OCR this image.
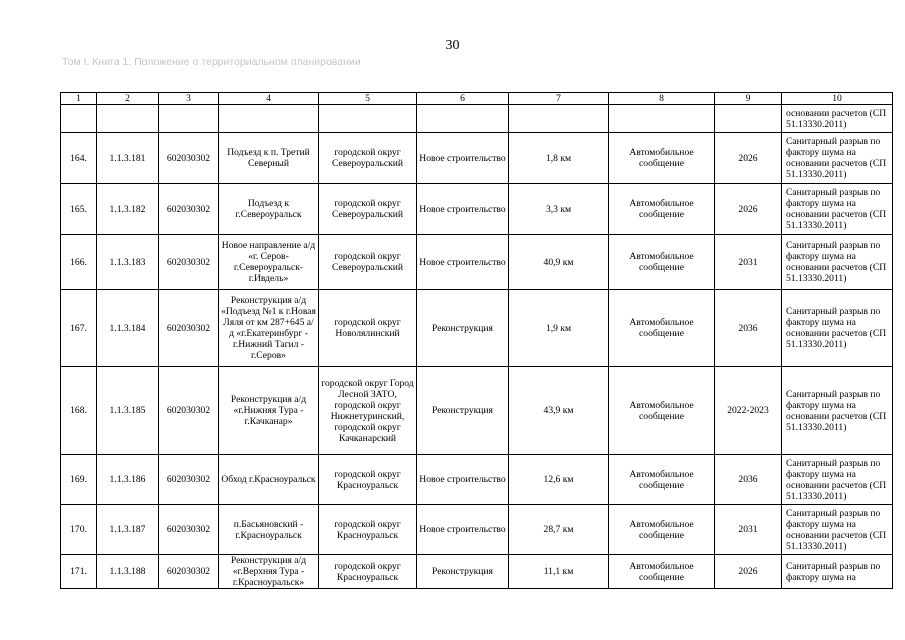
30
Том I. Книга 1. Положение о территориальном планировании
1	2	3	4	5	6	7	8	9	10
									основании расчетов (СП 51.13330.2011)
164.	1.1.3.181	602030302	Подъезд к п. Третий Северный	городской округ Североуральский	Новое строительство	1,8 км	Автомобильное сообщение	2026	Санитарный разрыв по фактору шума на основании расчетов (СП 51.13330.2011)
165.	1.1.3.182	602030302	Подъезд к г.Североуральск	городской округ Североуральский	Новое строительство	3,3 км	Автомобильное сообщение	2026	Санитарный разрыв по фактору шума на основании расчетов (СП 51.13330.2011)
166.	1.1.3.183	602030302	Новое направление а/д «г. Серов-г.Североуральск-г.Ивдель»	городской округ Североуральский	Новое строительство	40,9 км	Автомобильное сообщение	2031	Санитарный разрыв по фактору шума на основании расчетов (СП 51.13330.2011)
167.	1.1.3.184	602030302	Реконструкция а/д «Подъезд №1 к г.Новая Ляля от км 287+645 а/д «г.Екатеринбург - г.Нижний Тагил - г.Серов»	городской округ Новолялинский	Реконструкция	1,9 км	Автомобильное сообщение	2036	Санитарный разрыв по фактору шума на основании расчетов (СП 51.13330.2011)
168.	1.1.3.185	602030302	Реконструкция а/д «г.Нижняя Тура - г.Качканар»	городской округ Город Лесной ЗАТО, городской округ Нижнетуринский, городской округ Качканарский	Реконструкция	43,9 км	Автомобильное сообщение	2022-2023	Санитарный разрыв по фактору шума на основании расчетов (СП 51.13330.2011)
169.	1.1.3.186	602030302	Обход г.Красноуральск	городской округ Красноуральск	Новое строительство	12,6 км	Автомобильное сообщение	2036	Санитарный разрыв по фактору шума на основании расчетов (СП 51.13330.2011)
170.	1.1.3.187	602030302	п.Басьяновский - г.Красноуральск	городской округ Красноуральск	Новое строительство	28,7 км	Автомобильное сообщение	2031	Санитарный разрыв по фактору шума на основании расчетов (СП 51.13330.2011)
171.	1.1.3.188	602030302	Реконструкция а/д «г.Верхняя Тура - г.Красноуральск»	городской округ Красноуральск	Реконструкция	11,1 км	Автомобильное сообщение	2026	Санитарный разрыв по фактору шума на
